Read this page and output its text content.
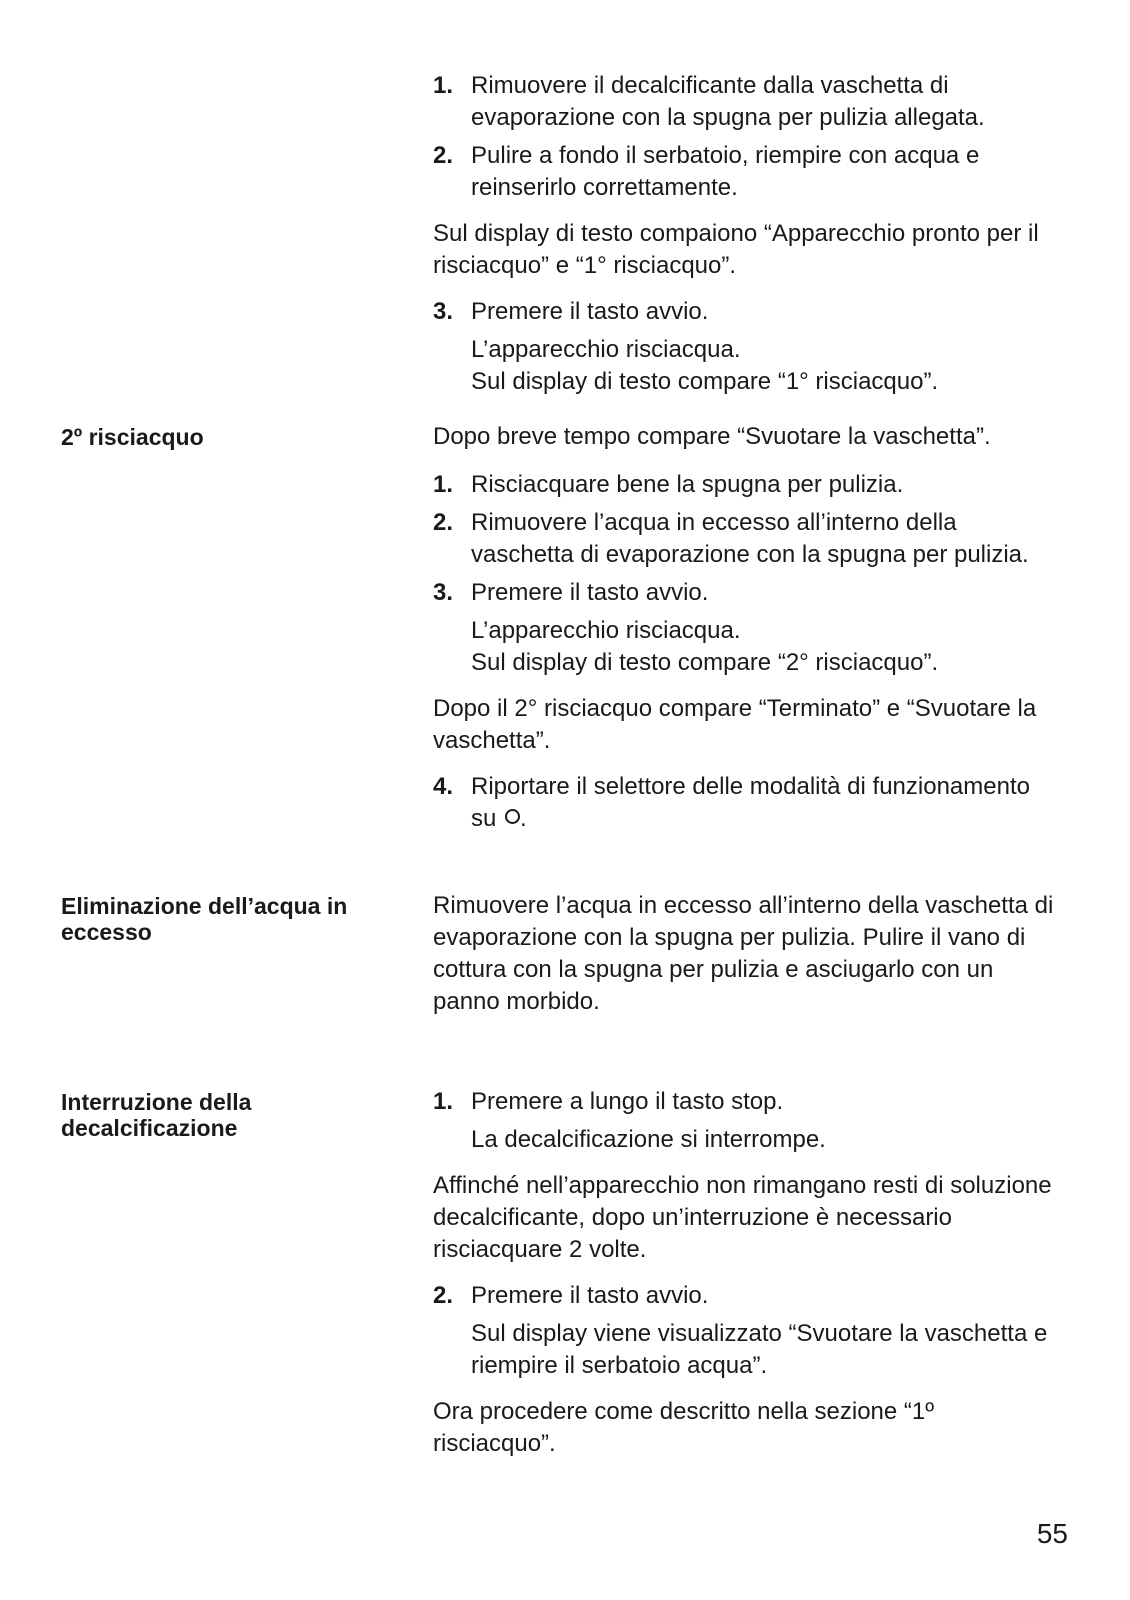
1. Rimuovere il decalcificante dalla vaschetta di evaporazione con la spugna per pulizia allegata.
2. Pulire a fondo il serbatoio, riempire con acqua e reinserirlo correttamente.

Sul display di testo compaiono “Apparecchio pronto per il risciacquo” e “1° risciacquo”.

3. Premere il tasto avvio.

L’apparecchio risciacqua.

Sul display di testo compare “1° risciacquo”.

2º risciacquo	Dopo breve tempo compare “Svuotare la vaschetta”.

1. Risciacquare bene la spugna per pulizia.
2. Rimuovere l’acqua in eccesso all’interno della vaschetta di evaporazione con la spugna per pulizia.
3. Premere il tasto avvio.

L’apparecchio risciacqua.

Sul display di testo compare “2° risciacquo”.

Dopo il 2° risciacquo compare “Terminato” e “Svuotare la vaschetta”.

4. Riportare il selettore delle modalità di funzionamento su .
Eliminazione dell’acqua in eccesso

Rimuovere l’acqua in eccesso all’interno della vaschetta di evaporazione con la spugna per pulizia. Pulire il vano di cottura con la spugna per pulizia e asciugarlo con un panno morbido.

Interruzione della decalcificazione
1. Premere a lungo il tasto stop.

La decalcificazione si interrompe.

Affinché nell’apparecchio non rimangano resti di soluzione decalcificante, dopo un’interruzione è necessario risciacquare 2 volte.

2. Premere il tasto avvio.

Sul display viene visualizzato “Svuotare la vaschetta e riempire il serbatoio acqua”.

Ora procedere come descritto nella sezione “1º risciacquo”.

55
